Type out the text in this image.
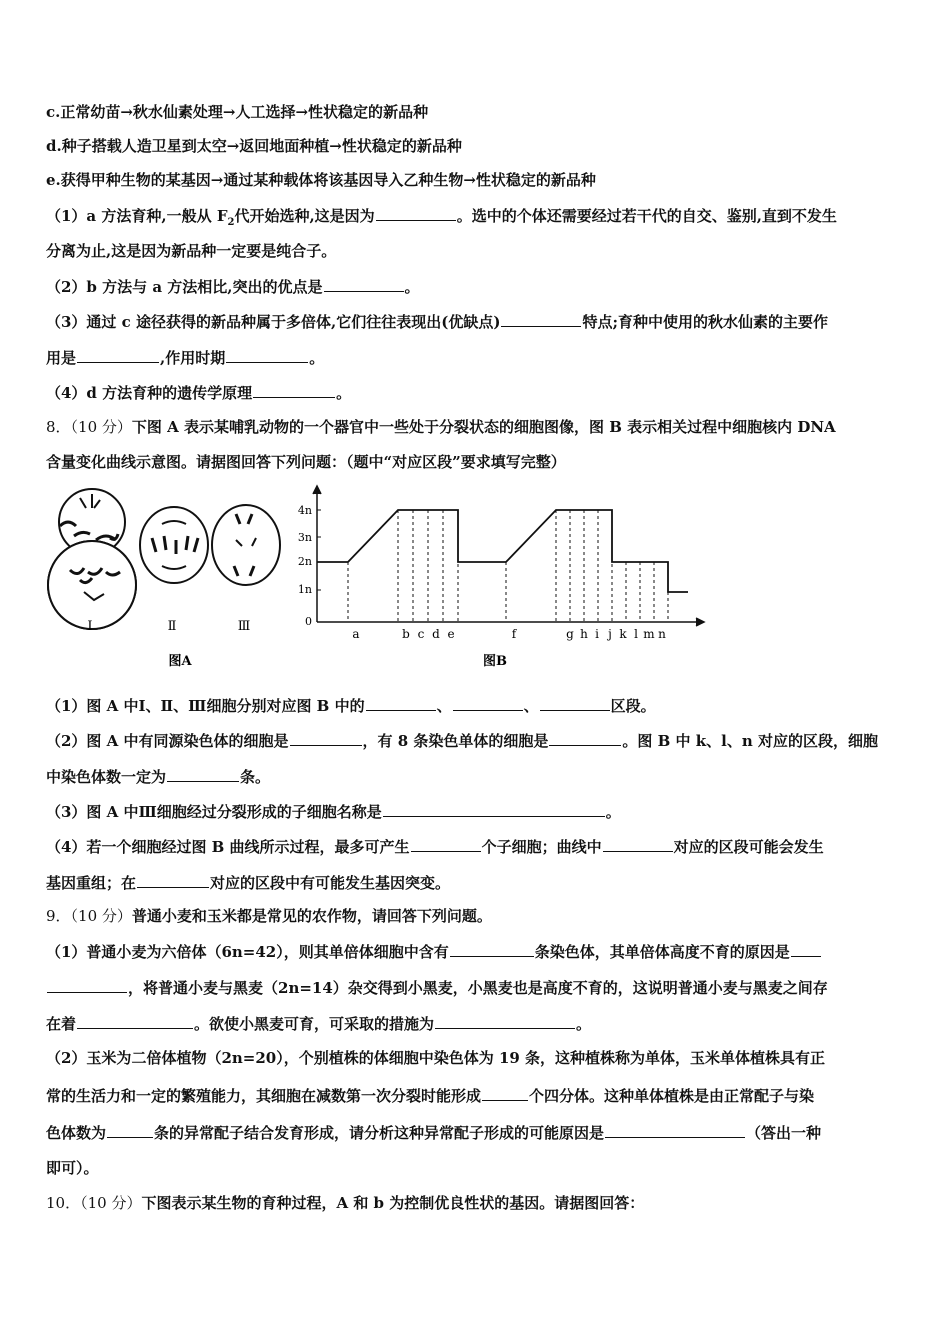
c.正常幼苗→秋水仙素处理→人工选择→性状稳定的新品种
d.种子搭载人造卫星到太空→返回地面种植→性状稳定的新品种
e.获得甲种生物的某基因→通过某种载体将该基因导入乙种生物→性状稳定的新品种
（1）a 方法育种,一般从 $F_2$代开始选种,这是因为	。选中的个体还需要经过若干代的自交、鉴别,直到不发生
分离为止,这是因为新品种一定要是纯合子。
（2）b 方法与 a 方法相比,突出的优点是	。
（3）通过 c 途径获得的新品种属于多倍体,它们往往表现出(优缺点)	特点;育种中使用的秋水仙素的主要作
用是	,作用时期	。
（4）d 方法育种的遗传学原理	。
8．（10 分）下图 A 表示某哺乳动物的一个器官中一些处于分裂状态的细胞图像，图 B 表示相关过程中细胞核内 DNA
含量变化曲线示意图。请据图回答下列问题：（题中“对应区段”要求填写完整）
Ⅰ	Ⅱ	Ⅲ
图A
4n
3n
2n
1n
0
a	b c d e	f	g h i j k l m n
图B
（1）图 A 中Ⅰ、Ⅱ、Ⅲ细胞分别对应图 B 中的	、	、	区段。
（2）图 A 中有同源染色体的细胞是	，有 8 条染色单体的细胞是	。图 B 中 k、l、n 对应的区段，细胞
中染色体数一定为	条。
（3）图 A 中Ⅲ细胞经过分裂形成的子细胞名称是	。
（4）若一个细胞经过图 B 曲线所示过程，最多可产生	个子细胞；曲线中	对应的区段可能会发生
基因重组；在	对应的区段中有可能发生基因突变。
9．（10 分）普通小麦和玉米都是常见的农作物，请回答下列问题。
（1）普通小麦为六倍体（6n=42），则其单倍体细胞中含有	条染色体，其单倍体高度不育的原因是
，将普通小麦与黑麦（2n=14）杂交得到小黑麦，小黑麦也是高度不育的，这说明普通小麦与黑麦之间存
在着	。欲使小黑麦可育，可采取的措施为	。
（2）玉米为二倍体植物（2n=20），个别植株的体细胞中染色体为 19 条，这种植株称为单体，玉米单体植株具有正
常的生活力和一定的繁殖能力，其细胞在减数第一次分裂时能形成	个四分体。这种单体植株是由正常配子与染
色体数为	条的异常配子结合发育形成，请分析这种异常配子形成的可能原因是	（答出一种
即可）。
10．（10 分）下图表示某生物的育种过程，A 和 b 为控制优良性状的基因。请据图回答：
